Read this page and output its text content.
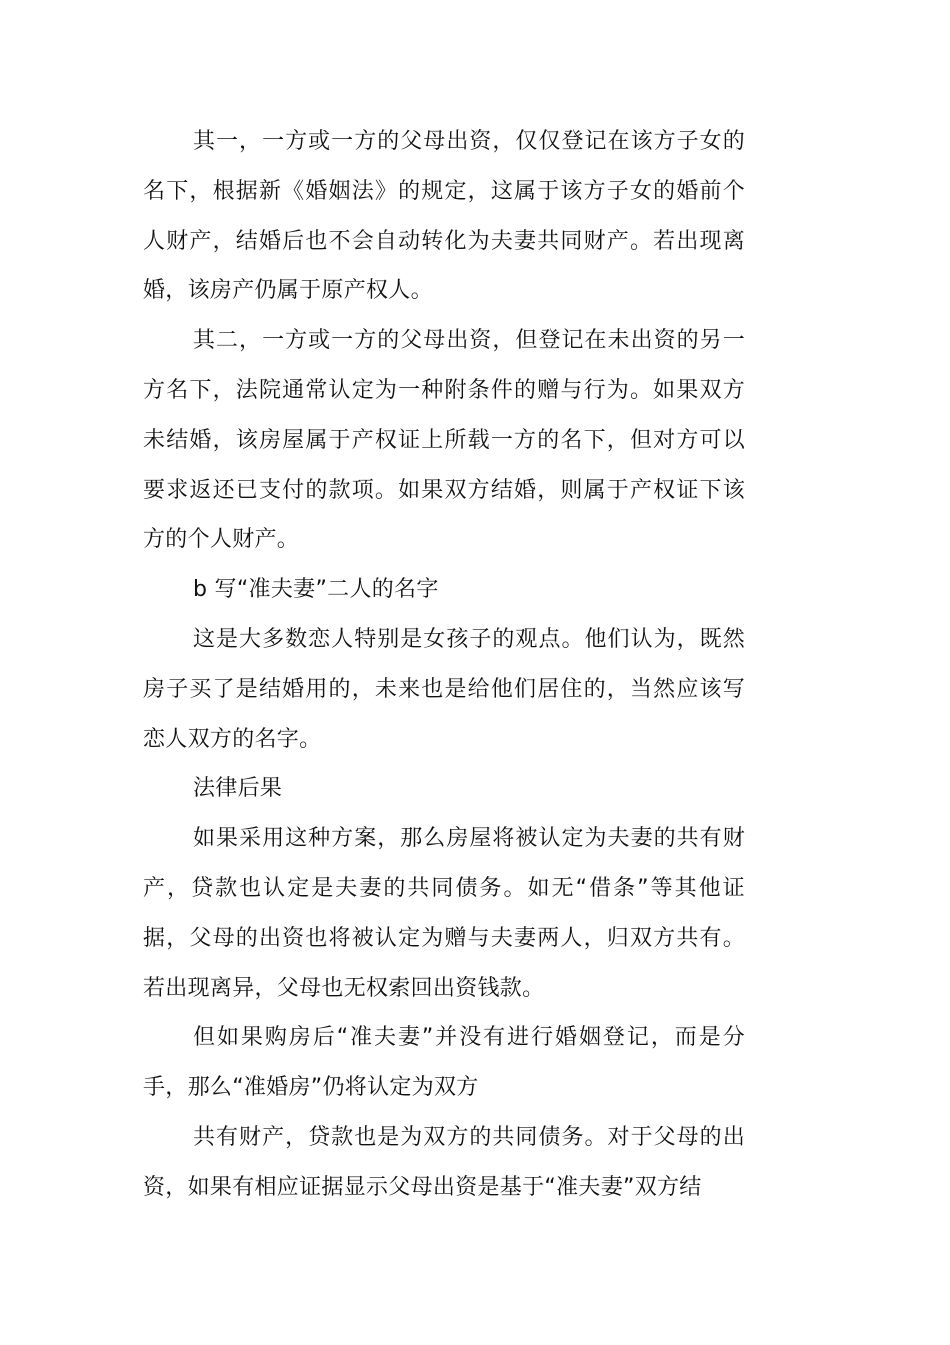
其一，一方或一方的父母出资，仅仅登记在该方子女的名下，根据新《婚姻法》的规定，这属于该方子女的婚前个人财产，结婚后也不会自动转化为夫妻共同财产。若出现离婚，该房产仍属于原产权人。

其二，一方或一方的父母出资，但登记在未出资的另一方名下，法院通常认定为一种附条件的赠与行为。如果双方未结婚，该房屋属于产权证上所载一方的名下，但对方可以要求返还已支付的款项。如果双方结婚，则属于产权证下该方的个人财产。

b 写“准夫妻”二人的名字

这是大多数恋人特别是女孩子的观点。他们认为，既然房子买了是结婚用的，未来也是给他们居住的，当然应该写恋人双方的名字。

法律后果

如果采用这种方案，那么房屋将被认定为夫妻的共有财产，贷款也认定是夫妻的共同债务。如无“借条”等其他证据，父母的出资也将被认定为赠与夫妻两人，归双方共有。若出现离异，父母也无权索回出资钱款。

但如果购房后“准夫妻”并没有进行婚姻登记，而是分手，那么“准婚房”仍将认定为双方

共有财产，贷款也是为双方的共同债务。对于父母的出资，如果有相应证据显示父母出资是基于“准夫妻”双方结
